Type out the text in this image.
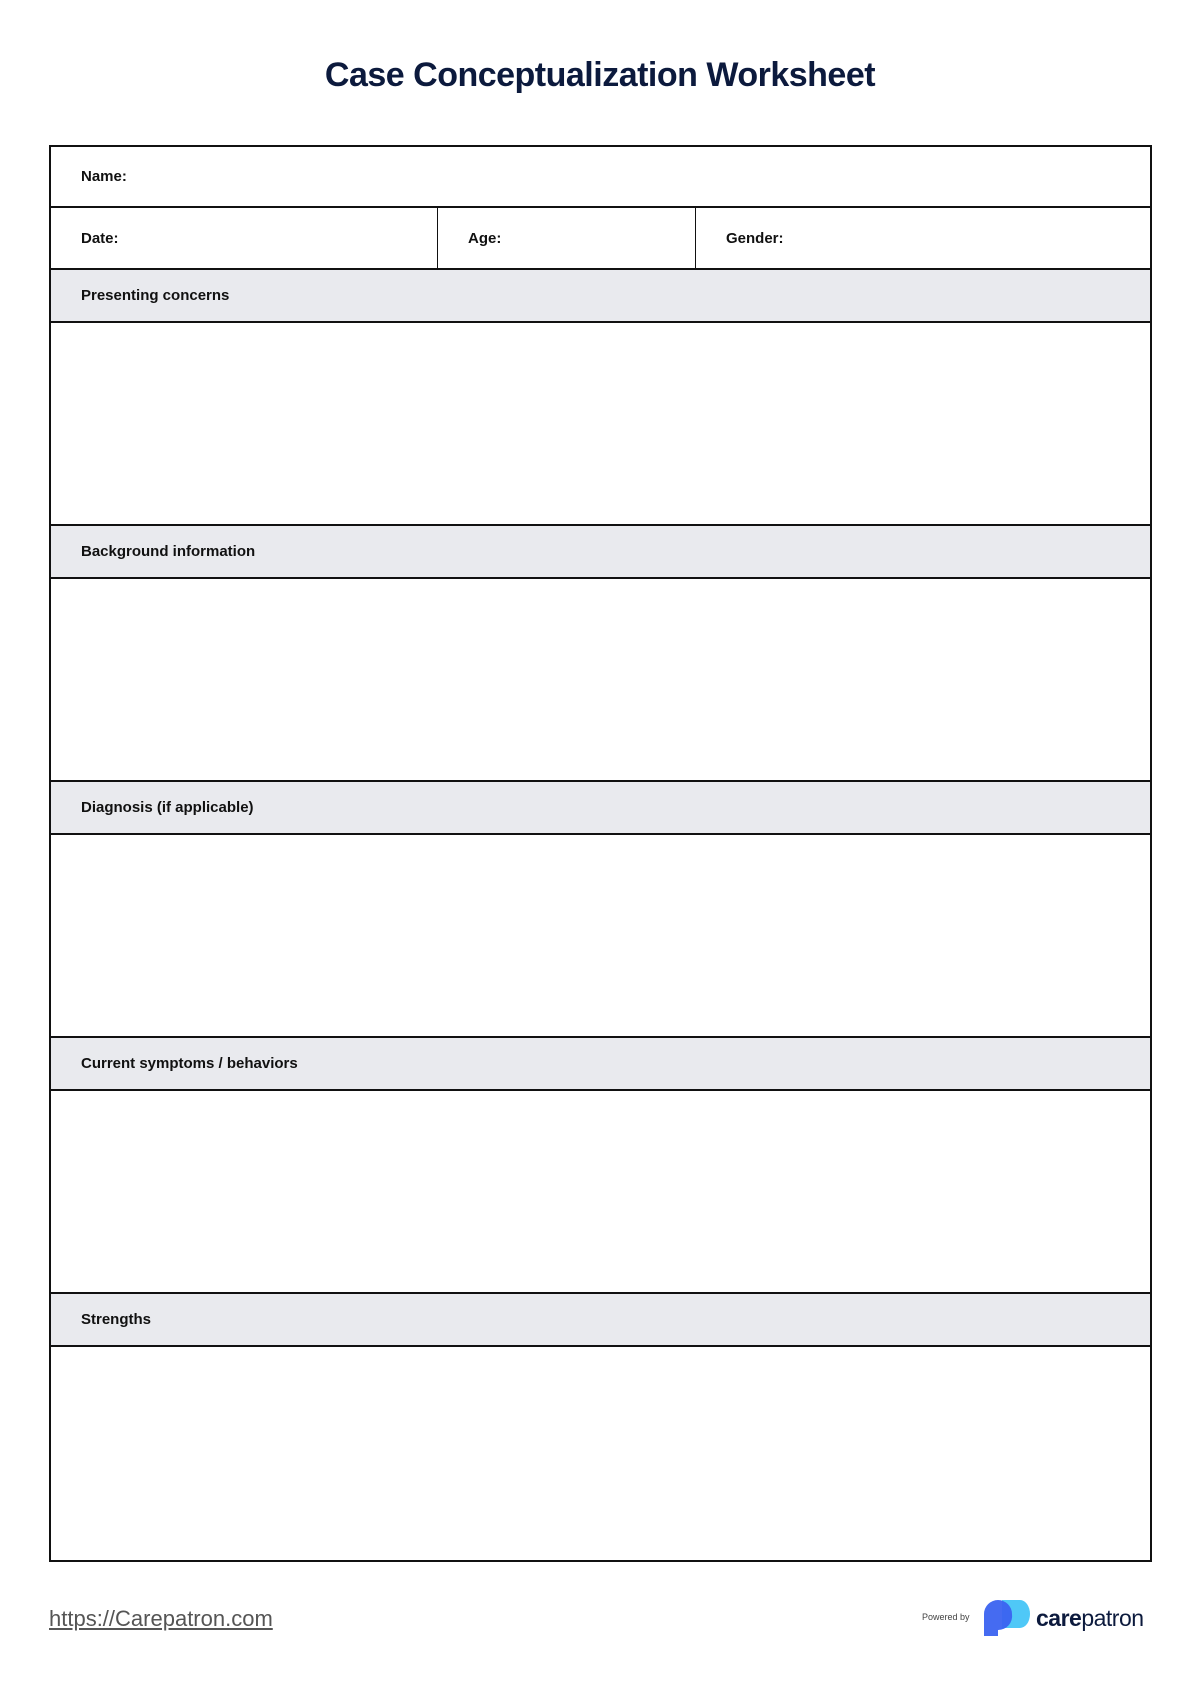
Case Conceptualization Worksheet
Name:
Date:	Age:	Gender:
Presenting concerns
Background information
Diagnosis (if applicable)
Current symptoms / behaviors
Strengths
https://Carepatron.com	Powered by	carepatron
